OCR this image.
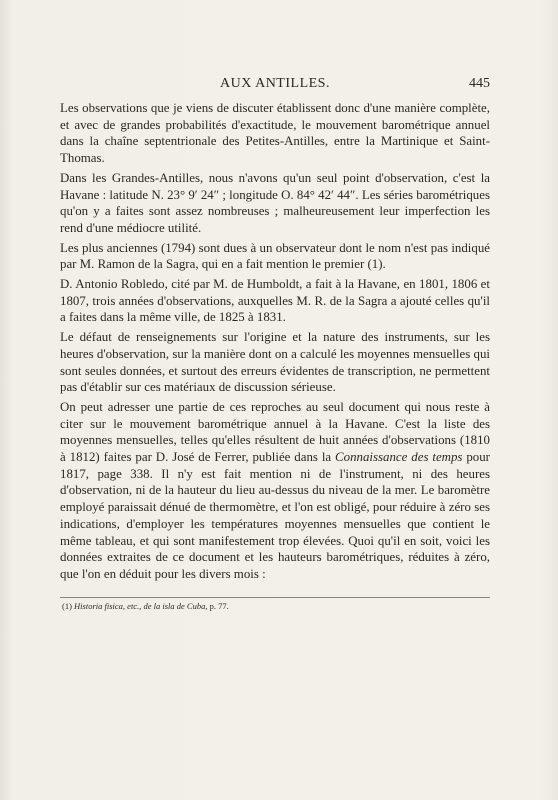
AUX ANTILLES.	445

Les observations que je viens de discuter établissent donc d'une manière complète, et avec de grandes probabilités d'exactitude, le mouvement barométrique annuel dans la chaîne septentrionale des Petites-Antilles, entre la Martinique et Saint-Thomas.

Dans les Grandes-Antilles, nous n'avons qu'un seul point d'observation, c'est la Havane : latitude N. 23° 9′ 24″ ; longitude O. 84° 42′ 44″. Les séries barométriques qu'on y a faites sont assez nombreuses ; malheureusement leur imperfection les rend d'une médiocre utilité.

Les plus anciennes (1794) sont dues à un observateur dont le nom n'est pas indiqué par M. Ramon de la Sagra, qui en a fait mention le premier (1).

D. Antonio Robledo, cité par M. de Humboldt, a fait à la Havane, en 1801, 1806 et 1807, trois années d'observations, auxquelles M. R. de la Sagra a ajouté celles qu'il a faites dans la même ville, de 1825 à 1831.

Le défaut de renseignements sur l'origine et la nature des instruments, sur les heures d'observation, sur la manière dont on a calculé les moyennes mensuelles qui sont seules données, et surtout des erreurs évidentes de transcription, ne permettent pas d'établir sur ces matériaux de discussion sérieuse.

On peut adresser une partie de ces reproches au seul document qui nous reste à citer sur le mouvement barométrique annuel à la Havane. C'est la liste des moyennes mensuelles, telles qu'elles résultent de huit années d'observations (1810 à 1812) faites par D. José de Ferrer, publiée dans la Connaissance des temps pour 1817, page 338. Il n'y est fait mention ni de l'instrument, ni des heures d'observation, ni de la hauteur du lieu au-dessus du niveau de la mer. Le baromètre employé paraissait dénué de thermomètre, et l'on est obligé, pour réduire à zéro ses indications, d'employer les températures moyennes mensuelles que contient le même tableau, et qui sont manifestement trop élevées. Quoi qu'il en soit, voici les données extraites de ce document et les hauteurs barométriques, réduites à zéro, que l'on en déduit pour les divers mois :

(1) Historia fisica, etc., de la isla de Cuba, p. 77.
